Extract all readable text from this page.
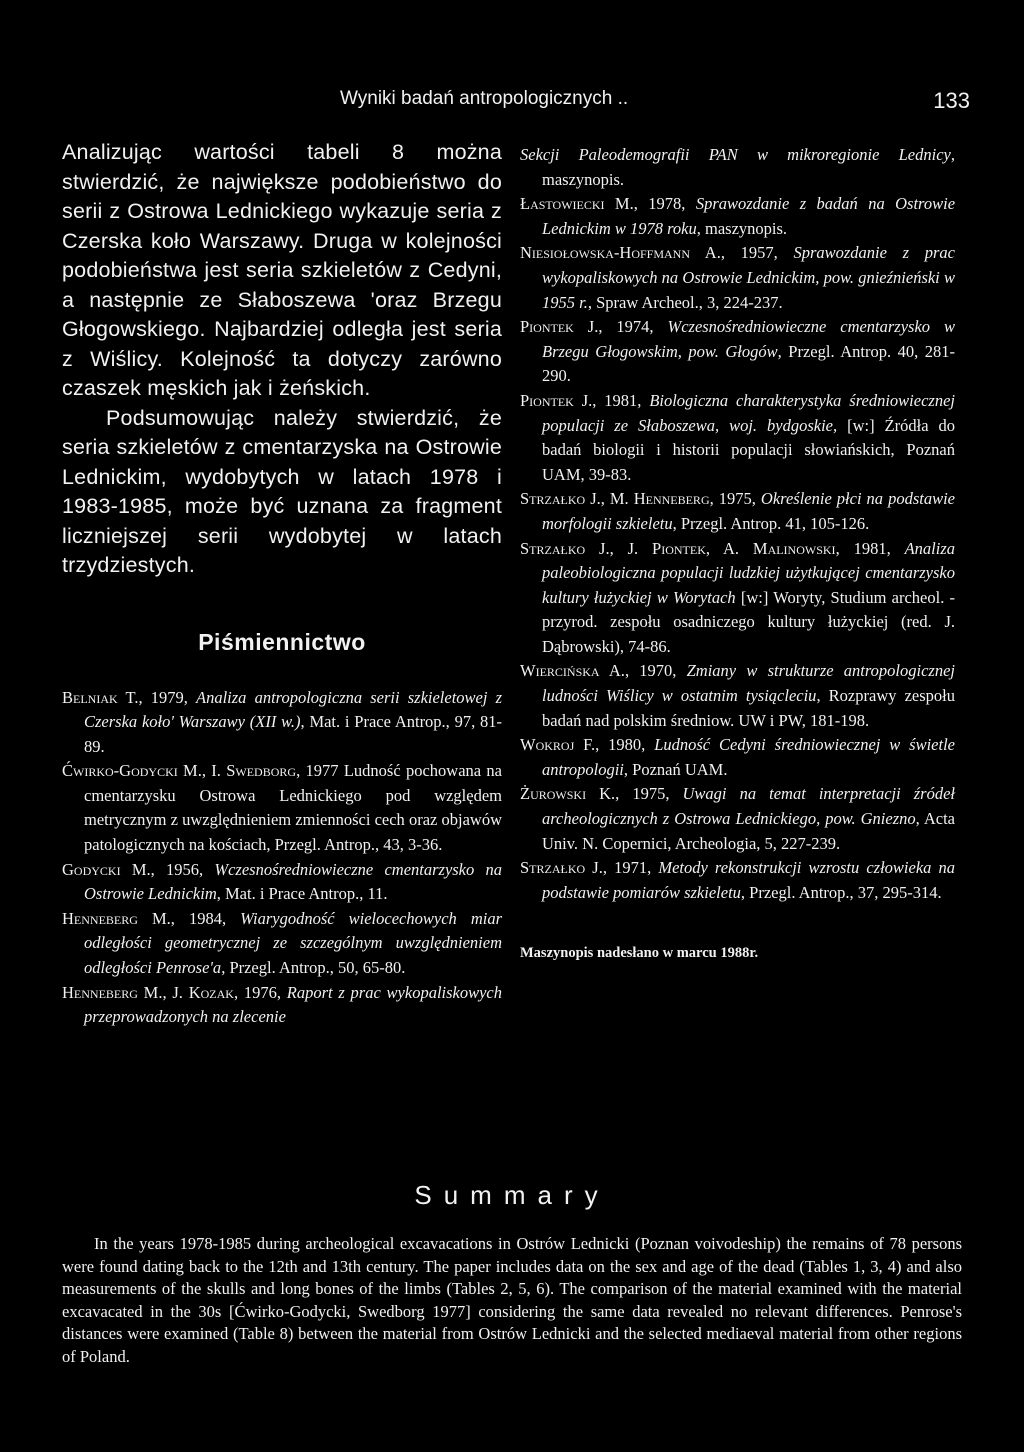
Wyniki badań antropologicznych ..	133

Analizując wartości tabeli 8 można stwierdzić, że największe podobieństwo do serii z Ostrowa Lednickiego wykazuje seria z Czerska koło Warszawy. Druga w kolejności podobieństwa jest seria szkieletów z Cedyni, a następnie ze Słaboszewa 'oraz Brzegu Głogowskiego. Najbardziej odległa jest seria z Wiślicy. Kolejność ta dotyczy zarówno czaszek męskich jak i żeńskich.

Podsumowując należy stwierdzić, że seria szkieletów z cmentarzyska na Ostrowie Lednickim, wydobytych w latach 1978 i 1983-1985, może być uznana za fragment liczniejszej serii wydobytej w latach trzydziestych.

Piśmiennictwo

Belniak T., 1979, Analiza antropologiczna serii szkieletowej z Czerska koło' Warszawy (XII w.), Mat. i Prace Antrop., 97, 81-89.

Ćwirko-Godycki M., I. Swedborg, 1977 Ludność pochowana na cmentarzysku Ostrowa Lednickiego pod względem metrycznym z uwzględnieniem zmienności cech oraz objawów patologicznych na kościach, Przegl. Antrop., 43, 3-36.

Godycki M., 1956, Wczesnośredniowieczne cmentarzysko na Ostrowie Lednickim, Mat. i Prace Antrop., 11.

Henneberg M., 1984, Wiarygodność wielocechowych miar odległości geometrycznej ze szczególnym uwzględnieniem odległości Penrose'a, Przegl. Antrop., 50, 65-80.

Henneberg M., J. Kozak, 1976, Raport z prac wykopaliskowych przeprowadzonych na zlecenie

Sekcji Paleodemografii PAN w mikroregionie Lednicy, maszynopis.

Łastowiecki M., 1978, Sprawozdanie z badań na Ostrowie Lednickim w 1978 roku, maszynopis.

Niesiołowska-Hoffmann A., 1957, Sprawozdanie z prac wykopaliskowych na Ostrowie Lednickim, pow. gnieźnieński w 1955 r., Spraw Archeol., 3, 224-237.

Piontek J., 1974, Wczesnośredniowieczne cmentarzysko w Brzegu Głogowskim, pow. Głogów, Przegl. Antrop. 40, 281-290.

Piontek J., 1981, Biologiczna charakterystyka średniowiecznej populacji ze Słaboszewa, woj. bydgoskie, [w:] Źródła do badań biologii i historii populacji słowiańskich, Poznań UAM, 39-83.

Strzałko J., M. Henneberg, 1975, Określenie płci na podstawie morfologii szkieletu, Przegl. Antrop. 41, 105-126.

Strzałko J., J. Piontek, A. Malinowski, 1981, Analiza paleobiologiczna populacji ludzkiej użytkującej cmentarzysko kultury łużyckiej w Worytach [w:] Woryty, Studium archeol. -przyrod. zespołu osadniczego kultury łużyckiej (red. J. Dąbrowski), 74-86.

Wiercińska A., 1970, Zmiany w strukturze antropologicznej ludności Wiślicy w ostatnim tysiącleciu, Rozprawy zespołu badań nad polskim średniow. UW i PW, 181-198.

Wokroj F., 1980, Ludność Cedyni średniowiecznej w świetle antropologii, Poznań UAM.

Żurowski K., 1975, Uwagi na temat interpretacji źródeł archeologicznych z Ostrowa Lednickiego, pow. Gniezno, Acta Univ. N. Copernici, Archeologia, 5, 227-239.

Strzałko J., 1971, Metody rekonstrukcji wzrostu człowieka na podstawie pomiarów szkieletu, Przegl. Antrop., 37, 295-314.

Maszynopis nadesłano w marcu 1988r.
Summary

In the years 1978-1985 during archeological excavacations in Ostrów Lednicki (Poznan voivodeship) the remains of 78 persons were found dating back to the 12th and 13th century. The paper includes data on the sex and age of the dead (Tables 1, 3, 4) and also measurements of the skulls and long bones of the limbs (Tables 2, 5, 6). The comparison of the material examined with the material excavacated in the 30s [Ćwirko-Godycki, Swedborg 1977] considering the same data revealed no relevant differences. Penrose's distances were examined (Table 8) between the material from Ostrów Lednicki and the selected mediaeval material from other regions of Poland.
